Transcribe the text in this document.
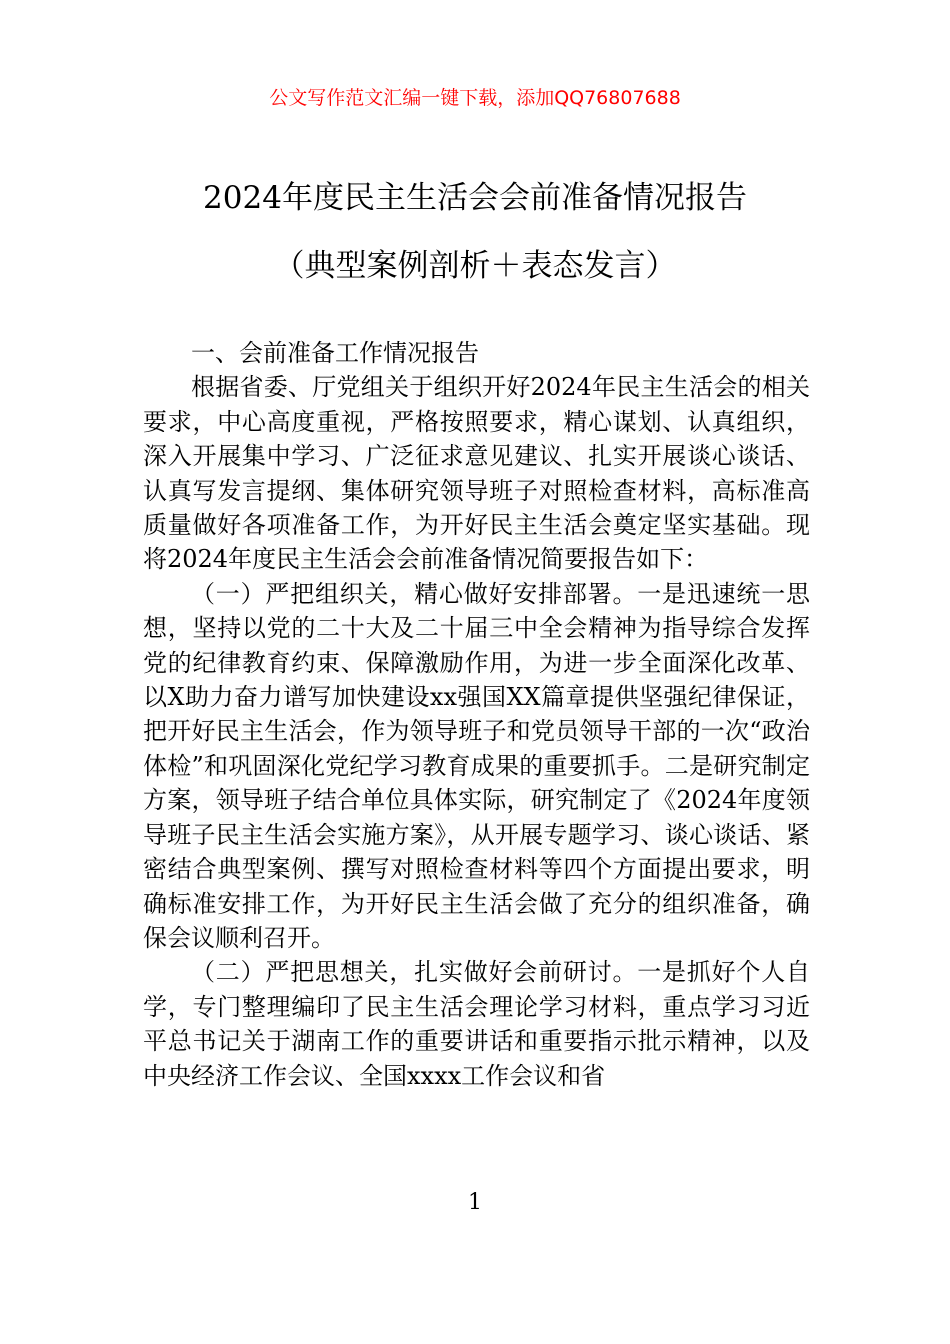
公文写作范文汇编一键下载，添加QQ76807688
2024年度民主生活会会前准备情况报告
（典型案例剖析＋表态发言）

一、会前准备工作情况报告

根据省委、厅党组关于组织开好2024年民主生活会的相关要求，中心高度重视，严格按照要求，精心谋划、认真组织，深入开展集中学习、广泛征求意见建议、扎实开展谈心谈话、认真写发言提纲、集体研究领导班子对照检查材料，高标准高质量做好各项准备工作，为开好民主生活会奠定坚实基础。现将2024年度民主生活会会前准备情况简要报告如下：

（一）严把组织关，精心做好安排部署。一是迅速统一思想，坚持以党的二十大及二十届三中全会精神为指导综合发挥党的纪律教育约束、保障激励作用，为进一步全面深化改革、以X助力奋力谱写加快建设xx强国XX篇章提供坚强纪律保证，把开好民主生活会，作为领导班子和党员领导干部的一次“政治体检”和巩固深化党纪学习教育成果的重要抓手。二是研究制定方案，领导班子结合单位具体实际，研究制定了《2024年度领导班子民主生活会实施方案》，从开展专题学习、谈心谈话、紧密结合典型案例、撰写对照检查材料等四个方面提出要求，明确标准安排工作，为开好民主生活会做了充分的组织准备，确保会议顺利召开。

（二）严把思想关，扎实做好会前研讨。一是抓好个人自学，专门整理编印了民主生活会理论学习材料，重点学习习近平总书记关于湖南工作的重要讲话和重要指示批示精神，以及中央经济工作会议、全国xxxx工作会议和省

1
